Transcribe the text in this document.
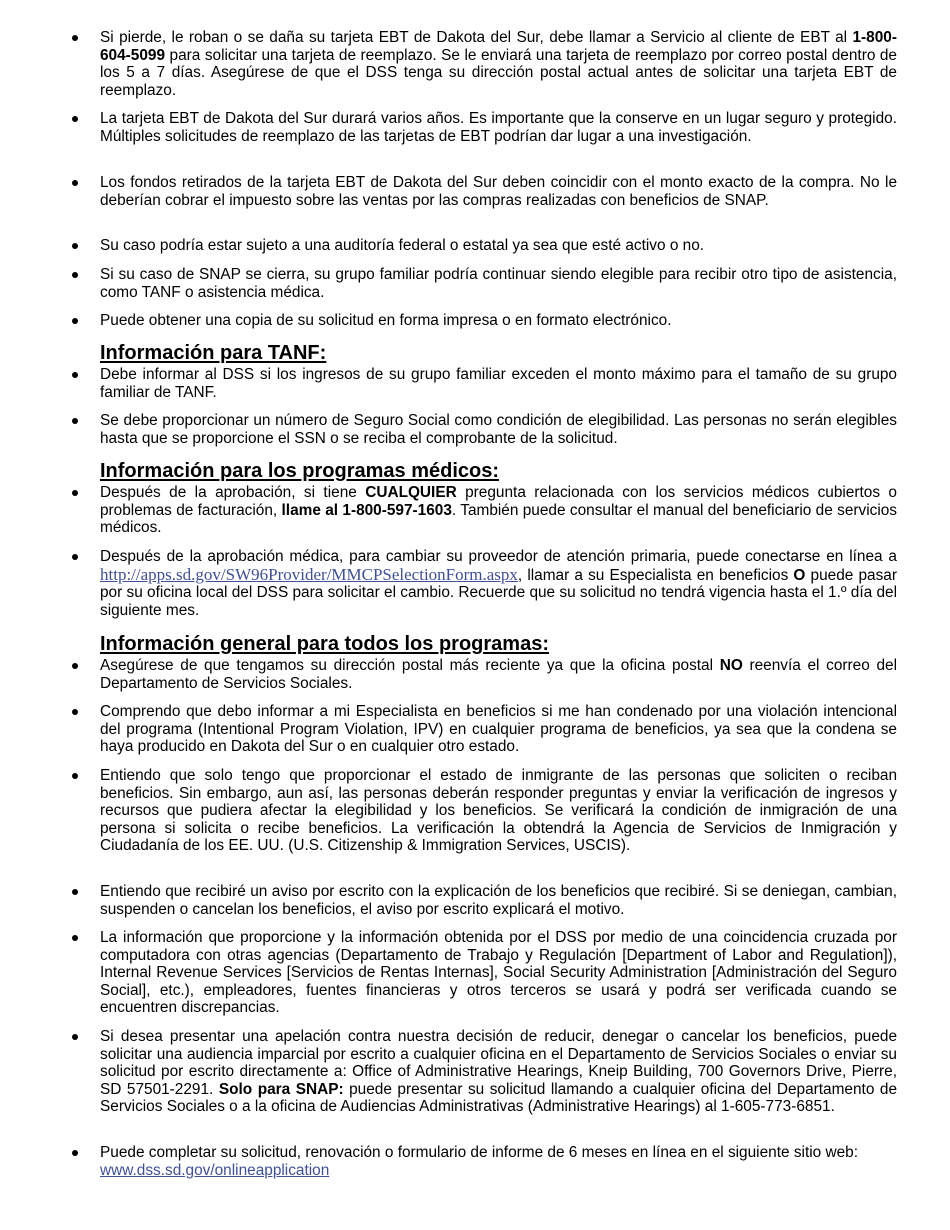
Si pierde, le roban o se daña su tarjeta EBT de Dakota del Sur, debe llamar a Servicio al cliente de EBT al 1-800-604-5099 para solicitar una tarjeta de reemplazo. Se le enviará una tarjeta de reemplazo por correo postal dentro de los 5 a 7 días. Asegúrese de que el DSS tenga su dirección postal actual antes de solicitar una tarjeta EBT de reemplazo.
La tarjeta EBT de Dakota del Sur durará varios años. Es importante que la conserve en un lugar seguro y protegido. Múltiples solicitudes de reemplazo de las tarjetas de EBT podrían dar lugar a una investigación.
Los fondos retirados de la tarjeta EBT de Dakota del Sur deben coincidir con el monto exacto de la compra. No le deberían cobrar el impuesto sobre las ventas por las compras realizadas con beneficios de SNAP.
Su caso podría estar sujeto a una auditoría federal o estatal ya sea que esté activo o no.
Si su caso de SNAP se cierra, su grupo familiar podría continuar siendo elegible para recibir otro tipo de asistencia, como TANF o asistencia médica.
Puede obtener una copia de su solicitud en forma impresa o en formato electrónico.
Información para TANF:
Debe informar al DSS si los ingresos de su grupo familiar exceden el monto máximo para el tamaño de su grupo familiar de TANF.
Se debe proporcionar un número de Seguro Social como condición de elegibilidad. Las personas no serán elegibles hasta que se proporcione el SSN o se reciba el comprobante de la solicitud.
Información para los programas médicos:
Después de la aprobación, si tiene CUALQUIER pregunta relacionada con los servicios médicos cubiertos o problemas de facturación, llame al 1-800-597-1603. También puede consultar el manual del beneficiario de servicios médicos.
Después de la aprobación médica, para cambiar su proveedor de atención primaria, puede conectarse en línea a http://apps.sd.gov/SW96Provider/MMCPSelectionForm.aspx, llamar a su Especialista en beneficios O puede pasar por su oficina local del DSS para solicitar el cambio. Recuerde que su solicitud no tendrá vigencia hasta el 1.º día del siguiente mes.
Información general para todos los programas:
Asegúrese de que tengamos su dirección postal más reciente ya que la oficina postal NO reenvía el correo del Departamento de Servicios Sociales.
Comprendo que debo informar a mi Especialista en beneficios si me han condenado por una violación intencional del programa (Intentional Program Violation, IPV) en cualquier programa de beneficios, ya sea que la condena se haya producido en Dakota del Sur o en cualquier otro estado.
Entiendo que solo tengo que proporcionar el estado de inmigrante de las personas que soliciten o reciban beneficios. Sin embargo, aun así, las personas deberán responder preguntas y enviar la verificación de ingresos y recursos que pudiera afectar la elegibilidad y los beneficios. Se verificará la condición de inmigración de una persona si solicita o recibe beneficios. La verificación la obtendrá la Agencia de Servicios de Inmigración y Ciudadanía de los EE. UU. (U.S. Citizenship & Immigration Services, USCIS).
Entiendo que recibiré un aviso por escrito con la explicación de los beneficios que recibiré. Si se deniegan, cambian, suspenden o cancelan los beneficios, el aviso por escrito explicará el motivo.
La información que proporcione y la información obtenida por el DSS por medio de una coincidencia cruzada por computadora con otras agencias (Departamento de Trabajo y Regulación [Department of Labor and Regulation]), Internal Revenue Services [Servicios de Rentas Internas], Social Security Administration [Administración del Seguro Social], etc.), empleadores, fuentes financieras y otros terceros se usará y podrá ser verificada cuando se encuentren discrepancias.
Si desea presentar una apelación contra nuestra decisión de reducir, denegar o cancelar los beneficios, puede solicitar una audiencia imparcial por escrito a cualquier oficina en el Departamento de Servicios Sociales o enviar su solicitud por escrito directamente a: Office of Administrative Hearings, Kneip Building, 700 Governors Drive, Pierre, SD 57501-2291. Solo para SNAP: puede presentar su solicitud llamando a cualquier oficina del Departamento de Servicios Sociales o a la oficina de Audiencias Administrativas (Administrative Hearings) al 1-605-773-6851.
Puede completar su solicitud, renovación o formulario de informe de 6 meses en línea en el siguiente sitio web: www.dss.sd.gov/onlineapplication
